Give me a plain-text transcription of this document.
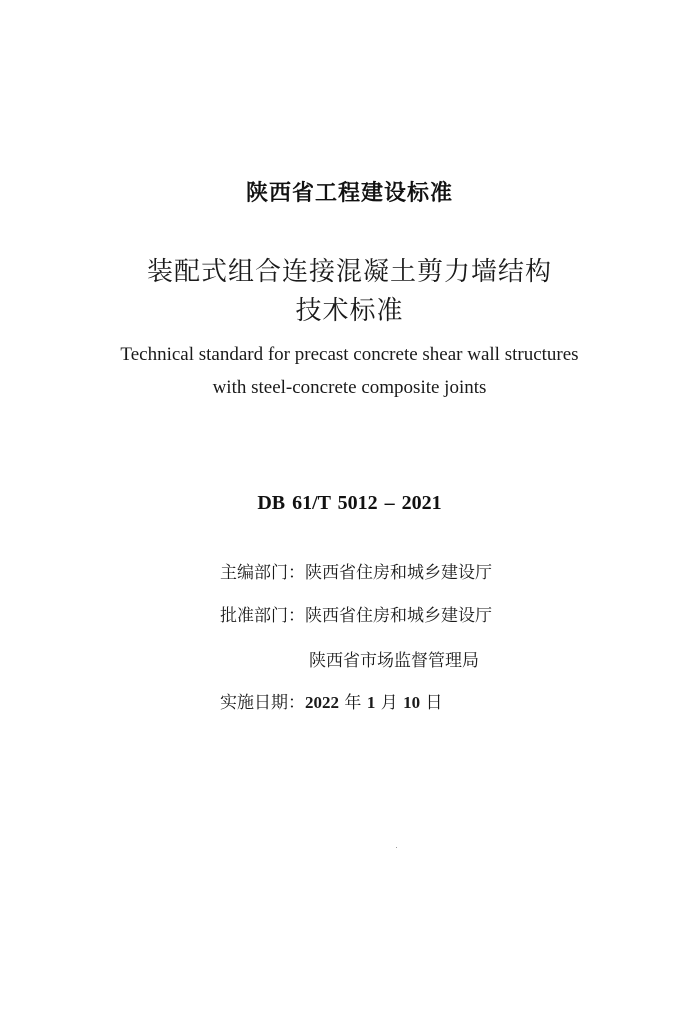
陕西省工程建设标准
装配式组合连接混凝土剪力墙结构
技术标准
Technical standard for precast concrete shear wall structures
with steel-concrete composite joints
DB 61/T 5012 – 2021
主编部门：陕西省住房和城乡建设厅
批准部门：陕西省住房和城乡建设厅
陕西省市场监督管理局
实施日期：2022 年 1 月 10 日
